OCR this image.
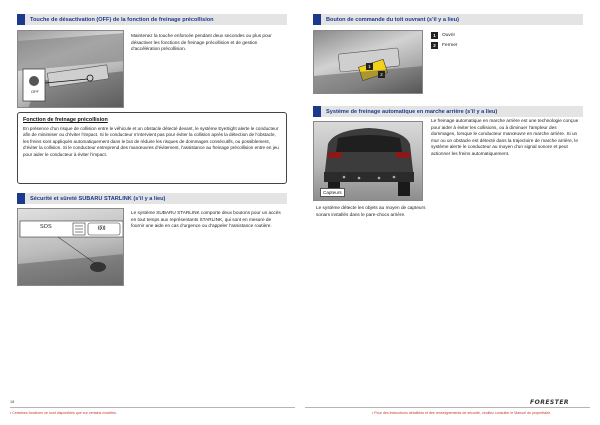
Touche de désactivation (OFF) de la fonction de freinage précollision
OFF
Maintenez la touche enfoncée pendant deux secondes ou plus pour désactiver les fonctions de freinage précollision et de gestion d’accélération précollision.
Fonction de freinage précollision
En présence d’un risque de collision entre le véhicule et un obstacle détecté devant, le système EyeSight alerte le conducteur afin de minimiser ou d’éviter l’impact. Si le conducteur n’intervient pas pour éviter la collision après la détection de l’obstacle, les freins sont appliqués automatiquement dans le but de réduire les risques de dommages consécutifs, ou possiblement, d’éviter la collision. Si le conducteur entreprend des manœuvres d’évitement, l’assistance au freinage précollision entre en jeu pour aider le conducteur à éviter l’impact.
Sécurité et sûreté SUBARU STARLINK (s’il y a lieu)
SOS	((i))
Le système SUBARU STARLINK comporte deux boutons pour un accès en tout temps aux représentants STARLINK, qui sont en mesure de fournir une aide en cas d’urgence ou d’appeler l’assistance routière.
18
• Certaines fonctions ne sont disponibles que sur certains modèles.
Bouton de commande du toit ouvrant (s’il y a lieu)
1
2
1	Ouvrir
2	Fermer
Système de freinage automatique en marche arrière (s’il y a lieu)
Capteurs
Le freinage automatique en marche arrière est une technologie conçue pour aider à éviter les collisions, ou à diminuer l’ampleur des dommages, lorsque le conducteur manœuvre en marche arrière. Si un mur ou un obstacle est détecté dans la trajectoire de marche arrière, le système alerte le conducteur au moyen d’un signal sonore et peut actionner les freins automatiquement.
Le système détecte les objets au moyen de capteurs sonars installés dans le pare-chocs arrière.
FORESTER
• Pour des instructions détaillées et des renseignements de sécurité, veuillez consulter le Manuel du propriétaire.
